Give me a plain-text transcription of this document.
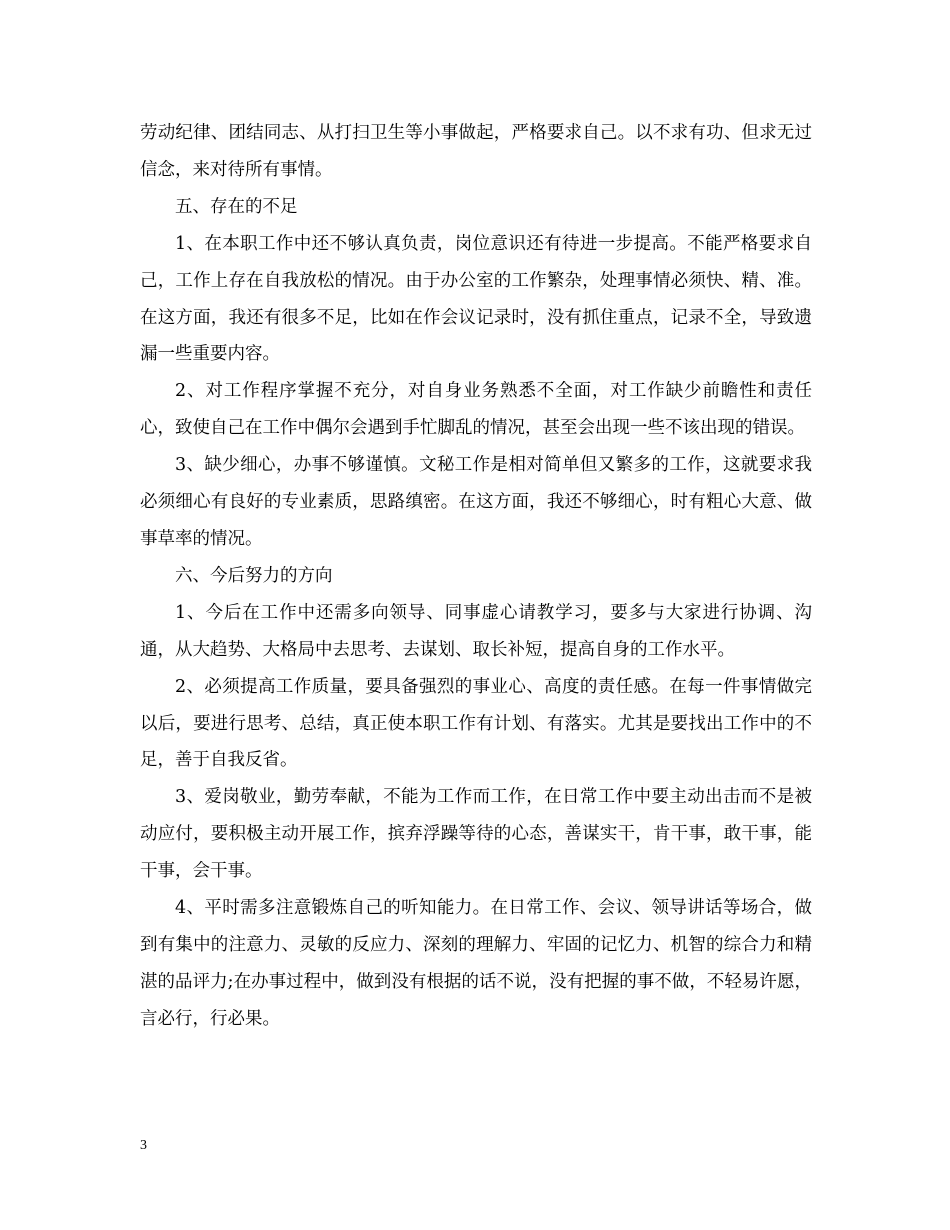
劳动纪律、团结同志、从打扫卫生等小事做起，严格要求自己。以不求有功、但求无过信念，来对待所有事情。

五、存在的不足

1、在本职工作中还不够认真负责，岗位意识还有待进一步提高。不能严格要求自己，工作上存在自我放松的情况。由于办公室的工作繁杂，处理事情必须快、精、准。在这方面，我还有很多不足，比如在作会议记录时，没有抓住重点，记录不全，导致遗漏一些重要内容。

2、对工作程序掌握不充分，对自身业务熟悉不全面，对工作缺少前瞻性和责任心，致使自己在工作中偶尔会遇到手忙脚乱的情况，甚至会出现一些不该出现的错误。

3、缺少细心，办事不够谨慎。文秘工作是相对简单但又繁多的工作，这就要求我必须细心有良好的专业素质，思路缜密。在这方面，我还不够细心，时有粗心大意、做事草率的情况。

六、今后努力的方向

1、今后在工作中还需多向领导、同事虚心请教学习，要多与大家进行协调、沟通，从大趋势、大格局中去思考、去谋划、取长补短，提高自身的工作水平。

2、必须提高工作质量，要具备强烈的事业心、高度的责任感。在每一件事情做完以后，要进行思考、总结，真正使本职工作有计划、有落实。尤其是要找出工作中的不足，善于自我反省。

3、爱岗敬业，勤劳奉献，不能为工作而工作，在日常工作中要主动出击而不是被动应付，要积极主动开展工作，摈弃浮躁等待的心态，善谋实干，肯干事，敢干事，能干事，会干事。

4、平时需多注意锻炼自己的听知能力。在日常工作、会议、领导讲话等场合，做到有集中的注意力、灵敏的反应力、深刻的理解力、牢固的记忆力、机智的综合力和精湛的品评力;在办事过程中，做到没有根据的话不说，没有把握的事不做，不轻易许愿，言必行，行必果。

3
